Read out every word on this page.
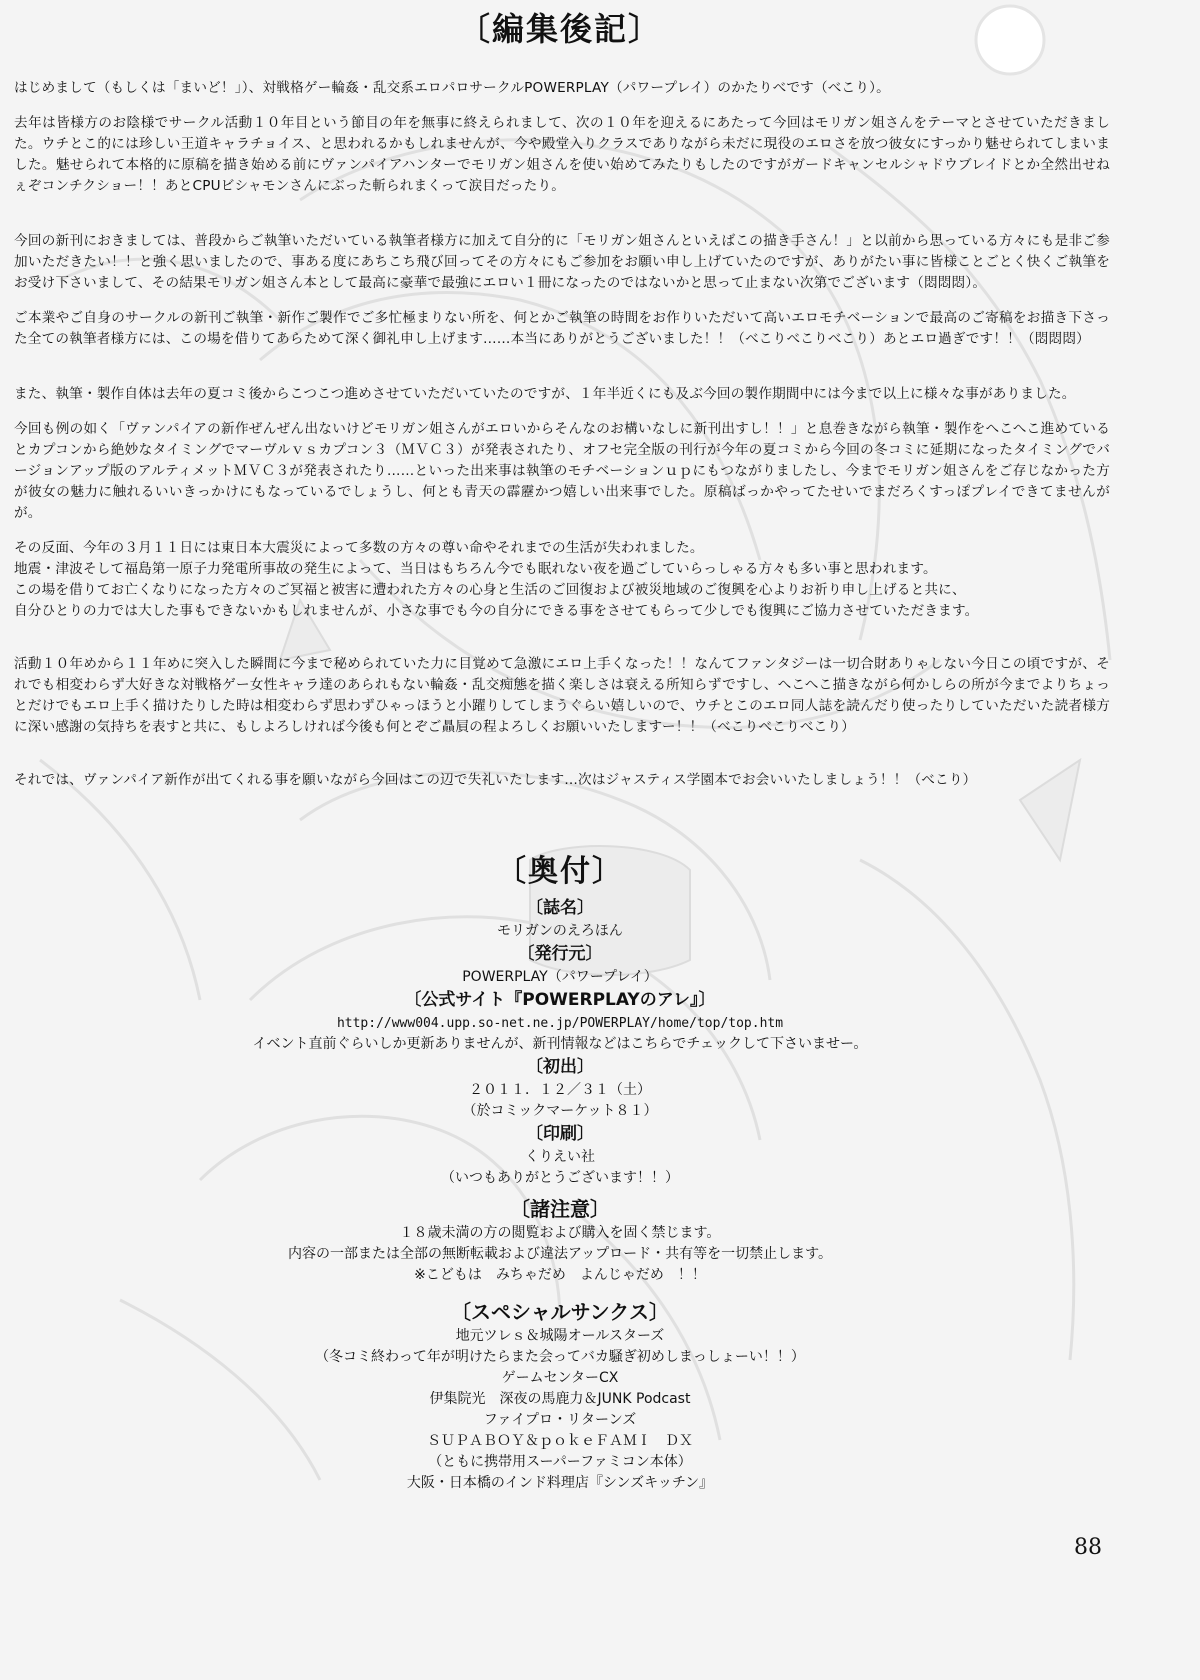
〔編集後記〕

はじめまして（もしくは「まいど！」）、対戦格ゲー輪姦・乱交系エロパロサークルPOWERPLAY（パワープレイ）のかたりべです（べこり）。

去年は皆様方のお陰様でサークル活動１０年目という節目の年を無事に終えられまして、次の１０年を迎えるにあたって今回はモリガン姐さんをテーマとさせていただきました。ウチとこ的には珍しい王道キャラチョイス、と思われるかもしれませんが、今や殿堂入りクラスでありながら未だに現役のエロさを放つ彼女にすっかり魅せられてしまいました。魅せられて本格的に原稿を描き始める前にヴァンパイアハンターでモリガン姐さんを使い始めてみたりもしたのですがガードキャンセルシャドウブレイドとか全然出せねぇぞコンチクショー！！あとCPUビシャモンさんにぶった斬られまくって涙目だったり。

今回の新刊におきましては、普段からご執筆いただいている執筆者様方に加えて自分的に「モリガン姐さんといえばこの描き手さん！」と以前から思っている方々にも是非ご参加いただきたい！！と強く思いましたので、事ある度にあちこち飛び回ってその方々にもご参加をお願い申し上げていたのですが、ありがたい事に皆様ことごとく快くご執筆をお受け下さいまして、その結果モリガン姐さん本として最高に豪華で最強にエロい１冊になったのではないかと思って止まない次第でございます（悶悶悶）。

ご本業やご自身のサークルの新刊ご執筆・新作ご製作でご多忙極まりない所を、何とかご執筆の時間をお作りいただいて高いエロモチベーションで最高のご寄稿をお描き下さった全ての執筆者様方には、この場を借りてあらためて深く御礼申し上げます……本当にありがとうございました！！（べこりべこりべこり）あとエロ過ぎです！！（悶悶悶）

また、執筆・製作自体は去年の夏コミ後からこつこつ進めさせていただいていたのですが、１年半近くにも及ぶ今回の製作期間中には今まで以上に様々な事がありました。

今回も例の如く「ヴァンパイアの新作ぜんぜん出ないけどモリガン姐さんがエロいからそんなのお構いなしに新刊出すし！！」と息巻きながら執筆・製作をへこへこ進めているとカプコンから絶妙なタイミングでマーヴルｖｓカプコン３（ＭＶＣ３）が発表されたり、オフセ完全版の刊行が今年の夏コミから今回の冬コミに延期になったタイミングでバージョンアップ版のアルティメットＭＶＣ３が発表されたり……といった出来事は執筆のモチベーションｕｐにもつながりましたし、今までモリガン姐さんをご存じなかった方が彼女の魅力に触れるいいきっかけにもなっているでしょうし、何とも青天の霹靂かつ嬉しい出来事でした。原稿ばっかやってたせいでまだろくすっぽプレイできてませんがが。

その反面、今年の３月１１日には東日本大震災によって多数の方々の尊い命やそれまでの生活が失われました。
地震・津波そして福島第一原子力発電所事故の発生によって、当日はもちろん今でも眠れない夜を過ごしていらっしゃる方々も多い事と思われます。
この場を借りてお亡くなりになった方々のご冥福と被害に遭われた方々の心身と生活のご回復および被災地域のご復興を心よりお祈り申し上げると共に、
自分ひとりの力では大した事もできないかもしれませんが、小さな事でも今の自分にできる事をさせてもらって少しでも復興にご協力させていただきます。

活動１０年めから１１年めに突入した瞬間に今まで秘められていた力に目覚めて急激にエロ上手くなった！！なんてファンタジーは一切合財ありゃしない今日この頃ですが、それでも相変わらず大好きな対戦格ゲー女性キャラ達のあられもない輪姦・乱交痴態を描く楽しさは衰える所知らずですし、へこへこ描きながら何かしらの所が今までよりちょっとだけでもエロ上手く描けたりした時は相変わらず思わずひゃっほうと小躍りしてしまうぐらい嬉しいので、ウチとこのエロ同人誌を読んだり使ったりしていただいた読者様方に深い感謝の気持ちを表すと共に、もしよろしければ今後も何とぞご贔屓の程よろしくお願いいたしますー！！（べこりべこりべこり）

それでは、ヴァンパイア新作が出てくれる事を願いながら今回はこの辺で失礼いたします…次はジャスティス学園本でお会いいたしましょう！！（べこり）

〔奥付〕
〔誌名〕
モリガンのえろほん
〔発行元〕
POWERPLAY（パワープレイ）
〔公式サイト『POWERPLAYのアレ』〕
http://www004.upp.so-net.ne.jp/POWERPLAY/home/top/top.htm
イベント直前ぐらいしか更新ありませんが、新刊情報などはこちらでチェックして下さいませー。
〔初出〕
２０１１．１２／３１（土）
（於コミックマーケット８１）
〔印刷〕
くりえい社
（いつもありがとうございます！！）
〔諸注意〕
１８歳未満の方の閲覧および購入を固く禁じます。
内容の一部または全部の無断転載および違法アップロード・共有等を一切禁止します。
※こどもは　みちゃだめ　よんじゃだめ　！！
〔スペシャルサンクス〕
地元ツレｓ＆城陽オールスターズ
（冬コミ終わって年が明けたらまた会ってバカ騒ぎ初めしまっしょーい！！）
ゲームセンターCX
伊集院光　深夜の馬鹿力＆JUNK Podcast
ファイプロ・リターンズ
ＳＵＰＡＢＯＹ＆ｐｏｋｅＦＡＭＩ　ＤＸ
（ともに携帯用スーパーファミコン本体）
大阪・日本橋のインド料理店『シンズキッチン』
88
